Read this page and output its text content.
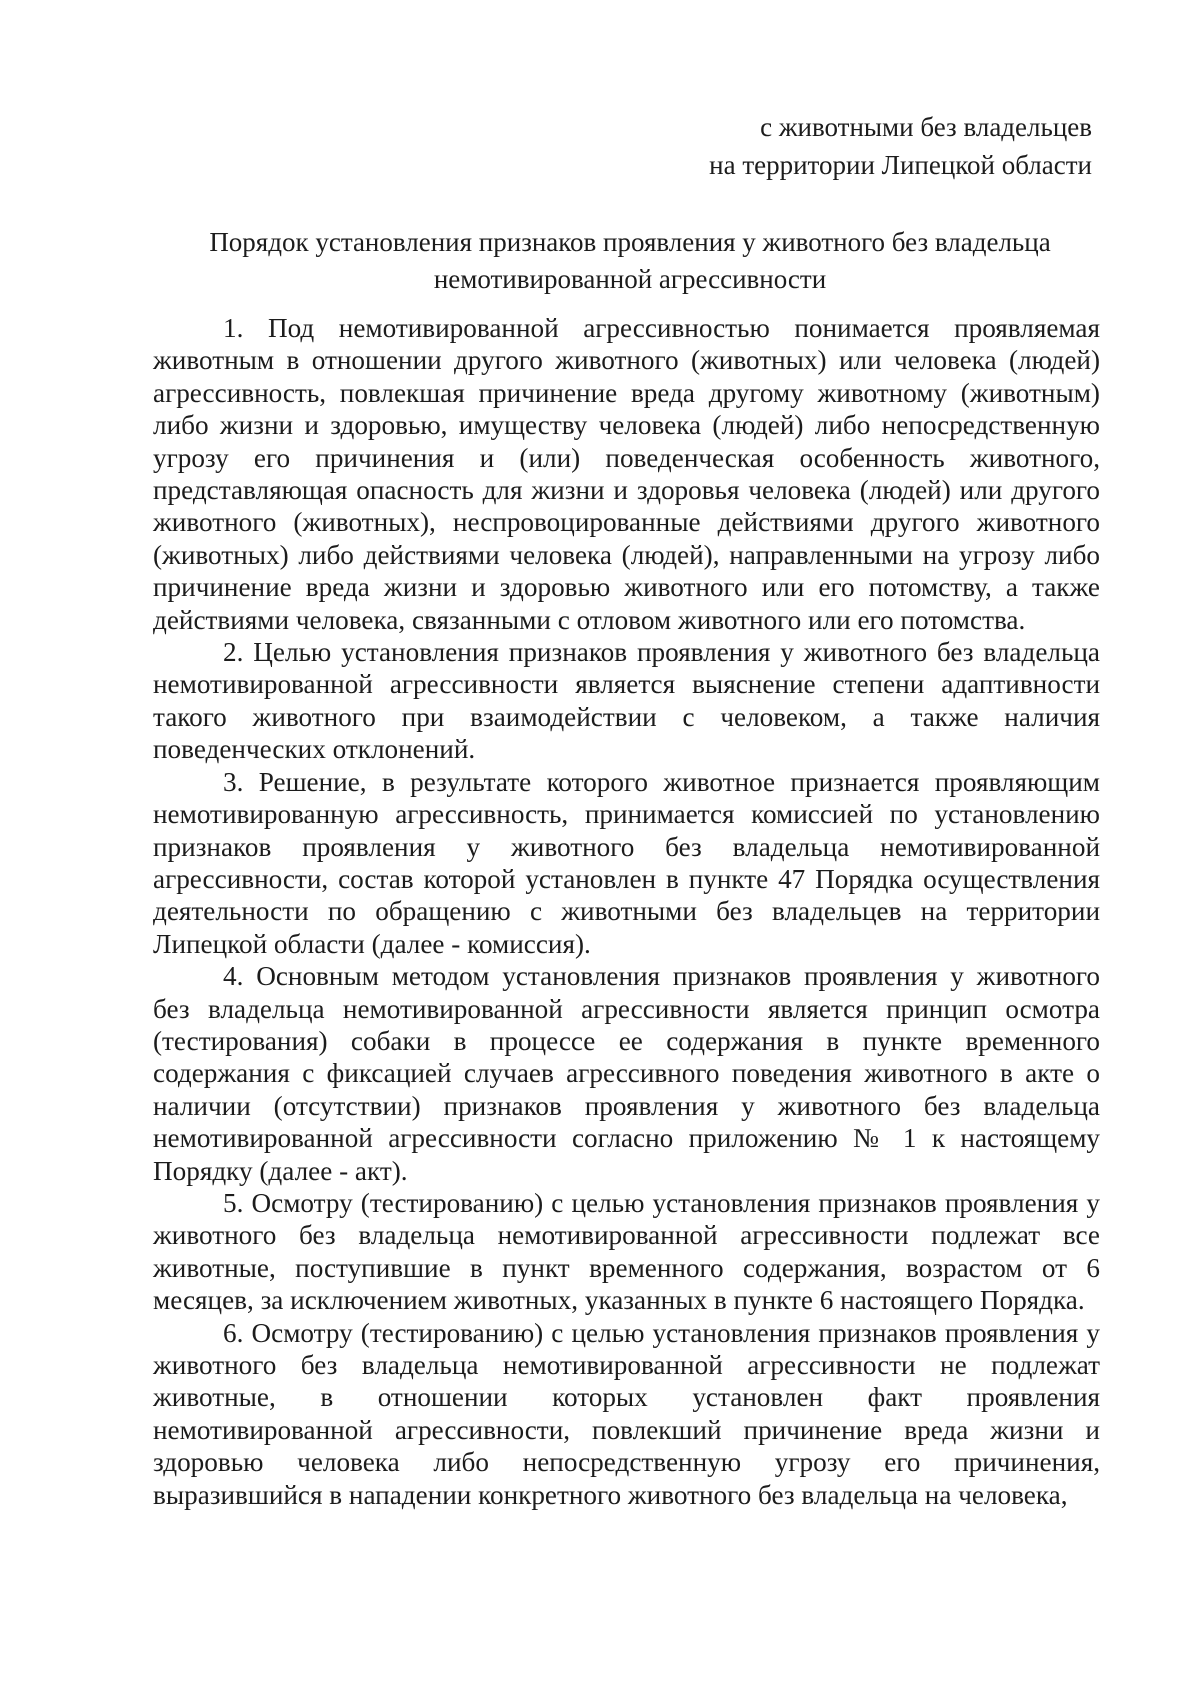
с животными без владельцев
на территории Липецкой области
Порядок установления признаков проявления у животного без владельца
немотивированной агрессивности

1. Под немотивированной агрессивностью понимается проявляемая животным в отношении другого животного (животных) или человека (людей) агрессивность, повлекшая причинение вреда другому животному (животным) либо жизни и здоровью, имуществу человека (людей) либо непосредственную угрозу его причинения и (или) поведенческая особенность животного, представляющая опасность для жизни и здоровья человека (людей) или другого животного (животных), неспровоцированные действиями другого животного (животных) либо действиями человека (людей), направленными на угрозу либо причинение вреда жизни и здоровью животного или его потомству, а также действиями человека, связанными с отловом животного или его потомства.

2. Целью установления признаков проявления у животного без владельца немотивированной агрессивности является выяснение степени адаптивности такого животного при взаимодействии с человеком, а также наличия поведенческих отклонений.

3. Решение, в результате которого животное признается проявляющим немотивированную агрессивность, принимается комиссией по установлению признаков проявления у животного без владельца немотивированной агрессивности, состав которой установлен в пункте 47 Порядка осуществления деятельности по обращению с животными без владельцев на территории Липецкой области (далее - комиссия).

4. Основным методом установления признаков проявления у животного без владельца немотивированной агрессивности является принцип осмотра (тестирования) собаки в процессе ее содержания в пункте временного содержания с фиксацией случаев агрессивного поведения животного в акте о наличии (отсутствии) признаков проявления у животного без владельца немотивированной агрессивности согласно приложению № 1 к настоящему Порядку (далее - акт).

5. Осмотру (тестированию) с целью установления признаков проявления у животного без владельца немотивированной агрессивности подлежат все животные, поступившие в пункт временного содержания, возрастом от 6 месяцев, за исключением животных, указанных в пункте 6 настоящего Порядка.

6. Осмотру (тестированию) с целью установления признаков проявления у животного без владельца немотивированной агрессивности не подлежат животные, в отношении которых установлен факт проявления немотивированной агрессивности, повлекший причинение вреда жизни и здоровью человека либо непосредственную угрозу его причинения, выразившийся в нападении конкретного животного без владельца на человека,
